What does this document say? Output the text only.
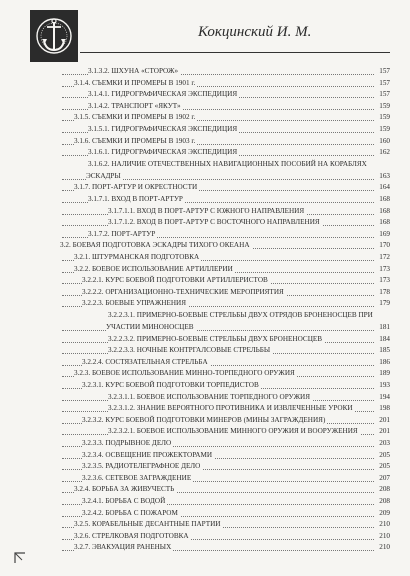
Кокцинский И. М.
3.1.3.2. ШХУНА «СТОРОЖ»	157
3.1.4. СЪЕМКИ И ПРОМЕРЫ В 1901 г.	157
3.1.4.1. ГИДРОГРАФИЧЕСКАЯ ЭКСПЕДИЦИЯ	157
3.1.4.2. ТРАНСПОРТ «ЯКУТ»	159
3.1.5. СЪЕМКИ И ПРОМЕРЫ В 1902 г.	159
3.1.5.1. ГИДРОГРАФИЧЕСКАЯ ЭКСПЕДИЦИЯ	159
3.1.6. СЪЕМКИ И ПРОМЕРЫ В 1903 г.	160
3.1.6.1. ГИДРОГРАФИЧЕСКАЯ ЭКСПЕДИЦИЯ	162
3.1.6.2. НАЛИЧИЕ ОТЕЧЕСТВЕННЫХ НАВИГАЦИОННЫХ ПОСОБИЙ НА КОРАБЛЯХ
ЭСКАДРЫ	163
3.1.7. ПОРТ-АРТУР И ОКРЕСТНОСТИ	164
3.1.7.1. ВХОД В ПОРТ-АРТУР	168
3.1.7.1.1. ВХОД В ПОРТ-АРТУР С ЮЖНОГО НАПРАВЛЕНИЯ	168
3.1.7.1.2. ВХОД В ПОРТ-АРТУР С ВОСТОЧНОГО НАПРАВЛЕНИЯ	168
3.1.7.2. ПОРТ-АРТУР	169
3.2. БОЕВАЯ ПОДГОТОВКА ЭСКАДРЫ ТИХОГО ОКЕАНА	170
3.2.1. ШТУРМАНСКАЯ ПОДГОТОВКА	172
3.2.2. БОЕВОЕ ИСПОЛЬЗОВАНИЕ АРТИЛЛЕРИИ	173
3.2.2.1. КУРС БОЕВОЙ ПОДГОТОВКИ АРТИЛЛЕРИСТОВ	173
3.2.2.2. ОРГАНИЗАЦИОННО-ТЕХНИЧЕСКИЕ МЕРОПРИЯТИЯ	178
3.2.2.3. БОЕВЫЕ УПРАЖНЕНИЯ	179
3.2.2.3.1. ПРИМЕРНО-БОЕВЫЕ СТРЕЛЬБЫ ДВУХ ОТРЯДОВ БРОНЕНОСЦЕВ ПРИ
УЧАСТИИ МИНОНОСЦЕВ	181
3.2.2.3.2. ПРИМЕРНО-БОЕВЫЕ СТРЕЛЬБЫ ДВУХ БРОНЕНОСЦЕВ	184
3.2.2.3.3. НОЧНЫЕ КОНТРГАЛСОВЫЕ СТРЕЛЬБЫ	185
3.2.2.4. СОСТЯЗАТЕЛЬНАЯ СТРЕЛЬБА	186
3.2.3. БОЕВОЕ ИСПОЛЬЗОВАНИЕ МИННО-ТОРПЕДНОГО ОРУЖИЯ	189
3.2.3.1. КУРС БОЕВОЙ ПОДГОТОВКИ ТОРПЕДИСТОВ	193
3.2.3.1.1. БОЕВОЕ ИСПОЛЬЗОВАНИЕ ТОРПЕДНОГО ОРУЖИЯ	194
3.2.3.1.2. ЗНАНИЕ ВЕРОЯТНОГО ПРОТИВНИКА И ИЗВЛЕЧЕННЫЕ УРОКИ	198
3.2.3.2. КУРС БОЕВОЙ ПОДГОТОВКИ МИНЕРОВ (МИНЫ ЗАГРАЖДЕНИЯ)	201
3.2.3.2.1. БОЕВОЕ ИСПОЛЬЗОВАНИЕ МИННОГО ОРУЖИЯ И ВООРУЖЕНИЯ	201
3.2.3.3. ПОДРЫВНОЕ ДЕЛО	203
3.2.3.4. ОСВЕЩЕНИЕ ПРОЖЕКТОРАМИ	205
3.2.3.5. РАДИОТЕЛЕГРАФНОЕ ДЕЛО	205
3.2.3.6. СЕТЕВОЕ ЗАГРАЖДЕНИЕ	207
3.2.4. БОРЬБА ЗА ЖИВУЧЕСТЬ	208
3.2.4.1. БОРЬБА С ВОДОЙ	208
3.2.4.2. БОРЬБА С ПОЖАРОМ	209
3.2.5. КОРАБЕЛЬНЫЕ ДЕСАНТНЫЕ ПАРТИИ	210
3.2.6. СТРЕЛКОВАЯ ПОДГОТОВКА	210
3.2.7. ЭВАКУАЦИЯ РАНЕНЫХ	210
